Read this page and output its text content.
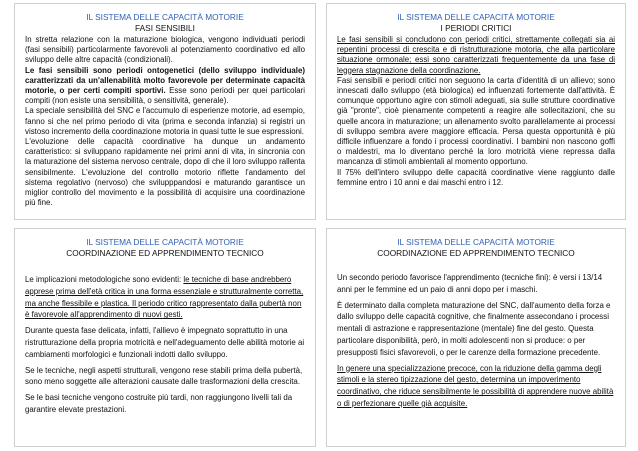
IL SISTEMA DELLE CAPACITÀ MOTORIE
FASI SENSIBILI

In stretta relazione con la maturazione biologica, vengono individuati periodi (fasi sensibili) particolarmente favorevoli al potenziamento coordinativo ed allo sviluppo delle altre capacità (condizionali).

Le fasi sensibili sono periodi ontogenetici (dello sviluppo individuale) caratterizzati da un'allenabilità molto favorevole per determinate capacità motorie, o per certi compiti sportivi. Esse sono periodi per quei particolari compiti (non esiste una sensibilità, o sensitività, generale).

La speciale sensibilità del SNC e l'accumulo di esperienze motorie, ad esempio, fanno si che nel primo periodo di vita (prima e seconda infanzia) si registri un vistoso incremento della coordinazione motoria in quasi tutte le sue espressioni.

L'evoluzione delle capacità coordinative ha dunque un andamento caratteristico: si sviluppano rapidamente nei primi anni di vita, in sincronia con la maturazione del sistema nervoso centrale, dopo di che il loro sviluppo rallenta sensibilmente. L'evoluzione del controllo motorio riflette l'andamento del sistema regolativo (nervoso) che svilupppandosi e maturando garantisce un miglior controllo del movimento e la possibilità di acquisire una coordinazione più fine.

IL SISTEMA DELLE CAPACITÀ MOTORIE
I PERIODI CRITICI

Le fasi sensibili si concludono con periodi critici, strettamente collegati sia ai repentini processi di crescita e di ristrutturazione motoria, che alla particolare situazione ormonale; essi sono caratterizzati frequentemente da una fase di leggera stagnazione della coordinazione.

Fasi sensibili e periodi critici non seguono la carta d'identità di un allievo; sono innescati dallo sviluppo (età biologica) ed influenzati fortemente dall'attività. È comunque opportuno agire con stimoli adeguati, sia sulle strutture coordinative già "pronte", cioè pienamente competenti a reagire alle sollecitazioni, che su quelle ancora in maturazione; un allenamento svolto parallelamente ai processi di sviluppo sembra avere maggiore efficacia. Persa questa opportunità è più difficile influenzare a fondo i processi coordinativi. I bambini non nascono goffi o maldestri, ma lo diventano perché la loro motricità viene repressa dalla mancanza di stimoli ambientali al momento opportuno.

Il 75% dell'intero sviluppo delle capacità coordinative viene raggiunto dalle femmine entro i 10 anni e dai maschi entro i 12.

IL SISTEMA DELLE CAPACITÀ MOTORIE
COORDINAZIONE ED APPRENDIMENTO TECNICO

Le implicazioni metodologiche sono evidenti: le tecniche di base andrebbero apprese prima dell'età critica in una forma essenziale e strutturalmente corretta, ma anche flessibile e plastica. Il periodo critico rappresentato dalla pubertà non è favorevole all'apprendimento di nuovi gesti.

Durante questa fase delicata, infatti, l'allievo è impegnato soprattutto in una ristrutturazione della propria motricità e nell'adeguamento delle abilità motorie ai cambiamenti morfologici e funzionali indotti dallo sviluppo.

Se le tecniche, negli aspetti strutturali, vengono rese stabili prima della pubertà, sono meno soggette alle alterazioni causate dalle trasformazioni della crescita.

Se le basi tecniche vengono costruite più tardi, non raggiungono livelli tali da garantire elevate prestazioni.

IL SISTEMA DELLE CAPACITÀ MOTORIE
COORDINAZIONE ED APPRENDIMENTO TECNICO

Un secondo periodo favorisce l'apprendimento (tecniche fini): è versi i 13/14 anni per le femmine ed un paio di anni dopo per i maschi.

È determinato dalla completa maturazione del SNC, dall'aumento della forza e dallo sviluppo delle capacità cognitive, che finalmente assecondano i processi mentali di astrazione e rappresentazione (mentale) fine del gesto. Questa particolare disponibilità, però, in molti adolescenti non si produce: o per presupposti fisici sfavorevoli, o per le carenze della formazione precedente.

In genere una specializzazione precoce, con la riduzione della gamma degli stimoli e la stereo tipizzazione del gesto, determina un impoverimento coordinativo, che riduce sensibilmente le possibilità di apprendere nuove abilità o di perfezionare quelle già acquisite.
